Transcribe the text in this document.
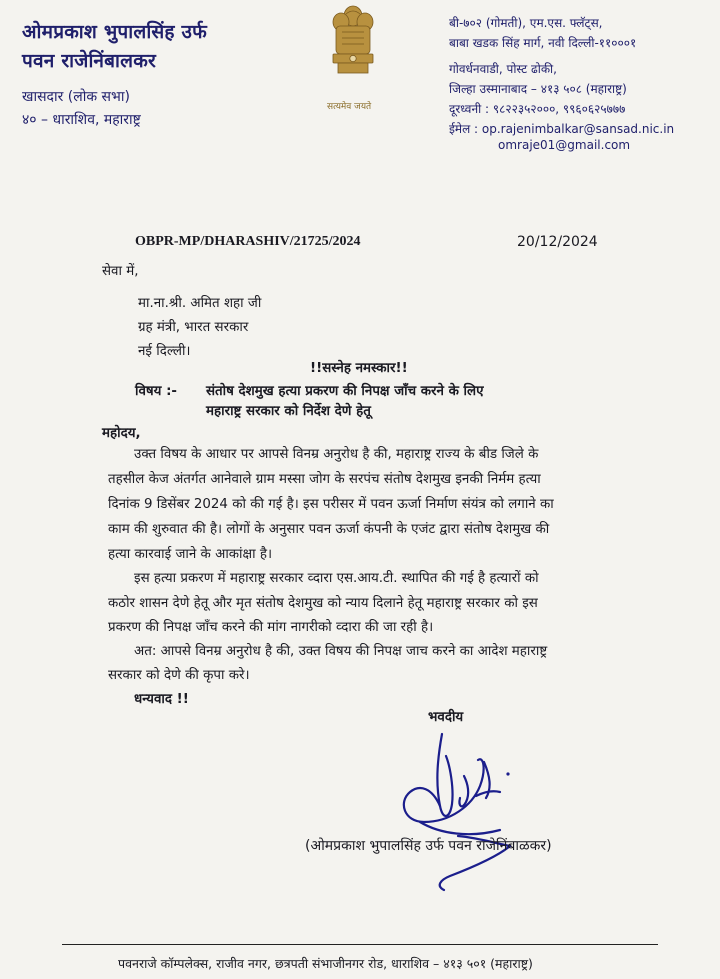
ओमप्रकाश भुपालसिंह उर्फ
पवन राजेनिंबालकर
खासदार (लोक सभा)
४० – धाराशिव, महाराष्ट्र
सत्यमेव जयते
बी-७०२ (गोमती), एम.एस. फ्लॅट्स,
बाबा खडक सिंह मार्ग, नवी दिल्ली-११०००१
गोवर्धनवाडी, पोस्ट ढोकी,
जिल्हा उस्मानाबाद – ४१३ ५०८ (महाराष्ट्र)
दूरध्वनी : ९८२२३५२०००, ९९६०६२५७७७
ईमेल : op.rajenimbalkar@sansad.nic.in
omraje01@gmail.com
OBPR-MP/DHARASHIV/21725/2024	20/12/2024
सेवा में,
मा.ना.श्री. अमित शहा जी
ग्रह मंत्री, भारत सरकार
नई दिल्ली।
!!सस्नेह नमस्कार!!
विषय :- संतोष देशमुख हत्या प्रकरण की निपक्ष जाँच करने के लिए
महाराष्ट्र सरकार को निर्देश देणे हेतू
महोदय,
उक्त विषय के आधार पर आपसे विनम्र अनुरोध है की, महाराष्ट्र राज्य के बीड जिले के
तहसील केज अंतर्गत आनेवाले ग्राम मस्सा जोग के सरपंच संतोष देशमुख इनकी निर्मम हत्या
दिनांक 9 डिसेंबर 2024 को की गई है। इस परीसर में पवन ऊर्जा निर्माण संयंत्र को लगाने का
काम की शुरुवात की है। लोगों के अनुसार पवन ऊर्जा कंपनी के एजंट द्वारा संतोष देशमुख की
हत्या कारवाई जाने के आकांक्षा है।
इस हत्या प्रकरण में महाराष्ट्र सरकार व्दारा एस.आय.टी. स्थापित की गई है हत्यारों को
कठोर शासन देणे हेतू और मृत संतोष देशमुख को न्याय दिलाने हेतू महाराष्ट्र सरकार को इस
प्रकरण की निपक्ष जाँच करने की मांग नागरीको व्दारा की जा रही है।
अत: आपसे विनम्र अनुरोध है की, उक्त विषय की निपक्ष जाच करने का आदेश महाराष्ट्र
सरकार को देणे की कृपा करे।
धन्यवाद !!
भवदीय
(ओमप्रकाश भुपालसिंह उर्फ पवन राजेनिंबाळकर)
पवनराजे कॉम्पलेक्स, राजीव नगर, छत्रपती संभाजीनगर रोड, धाराशिव – ४१३ ५०१ (महाराष्ट्र)
